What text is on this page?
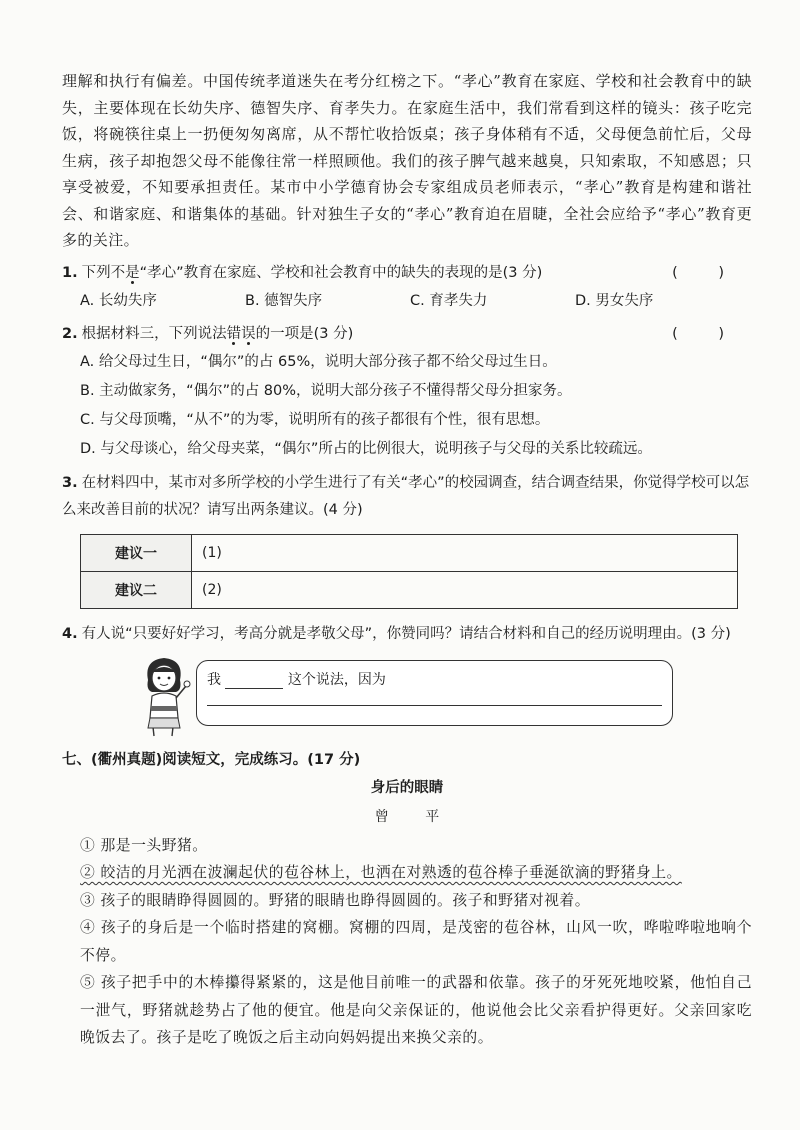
理解和执行有偏差。中国传统孝道迷失在考分红榜之下。“孝心”教育在家庭、学校和社会教育中的缺失，主要体现在长幼失序、德智失序、育孝失力。在家庭生活中，我们常看到这样的镜头：孩子吃完饭，将碗筷往桌上一扔便匆匆离席，从不帮忙收拾饭桌；孩子身体稍有不适，父母便急前忙后，父母生病，孩子却抱怨父母不能像往常一样照顾他。我们的孩子脾气越来越臭，只知索取，不知感恩；只享受被爱，不知要承担责任。某市中小学德育协会专家组成员老师表示，“孝心”教育是构建和谐社会、和谐家庭、和谐集体的基础。针对独生子女的“孝心”教育迫在眉睫，全社会应给予“孝心”教育更多的关注。

1. 下列不是“孝心”教育在家庭、学校和社会教育中的缺失的表现的是(3 分)	( )
A. 长幼失序	B. 德智失序	C. 育孝失力	D. 男女失序
2. 根据材料三，下列说法错误的一项是(3 分)	( )
A. 给父母过生日，“偶尔”的占 65%，说明大部分孩子都不给父母过生日。
B. 主动做家务，“偶尔”的占 80%，说明大部分孩子不懂得帮父母分担家务。
C. 与父母顶嘴，“从不”的为零，说明所有的孩子都很有个性，很有思想。
D. 与父母谈心，给父母夹菜，“偶尔”所占的比例很大，说明孩子与父母的关系比较疏远。
3. 在材料四中，某市对多所学校的小学生进行了有关“孝心”的校园调查，结合调查结果，你觉得学校可以怎么来改善目前的状况？请写出两条建议。(4 分)
建议一	(1)
建议二	(2)
4. 有人说“只要好好学习，考高分就是孝敬父母”，你赞同吗？请结合材料和自己的经历说明理由。(3 分)
我	这个说法，因为
七、(衢州真题)阅读短文，完成练习。(17 分)
身后的眼睛
曾 平

① 那是一头野猪。

② 皎洁的月光洒在波澜起伏的苞谷林上，也洒在对熟透的苞谷棒子垂涎欲滴的野猪身上。

③ 孩子的眼睛睁得圆圆的。野猪的眼睛也睁得圆圆的。孩子和野猪对视着。

④ 孩子的身后是一个临时搭建的窝棚。窝棚的四周，是茂密的苞谷林，山风一吹，哗啦哗啦地响个不停。

⑤ 孩子把手中的木棒攥得紧紧的，这是他目前唯一的武器和依靠。孩子的牙死死地咬紧，他怕自己一泄气，野猪就趁势占了他的便宜。他是向父亲保证的，他说他会比父亲看护得更好。父亲回家吃晚饭去了。孩子是吃了晚饭之后主动向妈妈提出来换父亲的。
